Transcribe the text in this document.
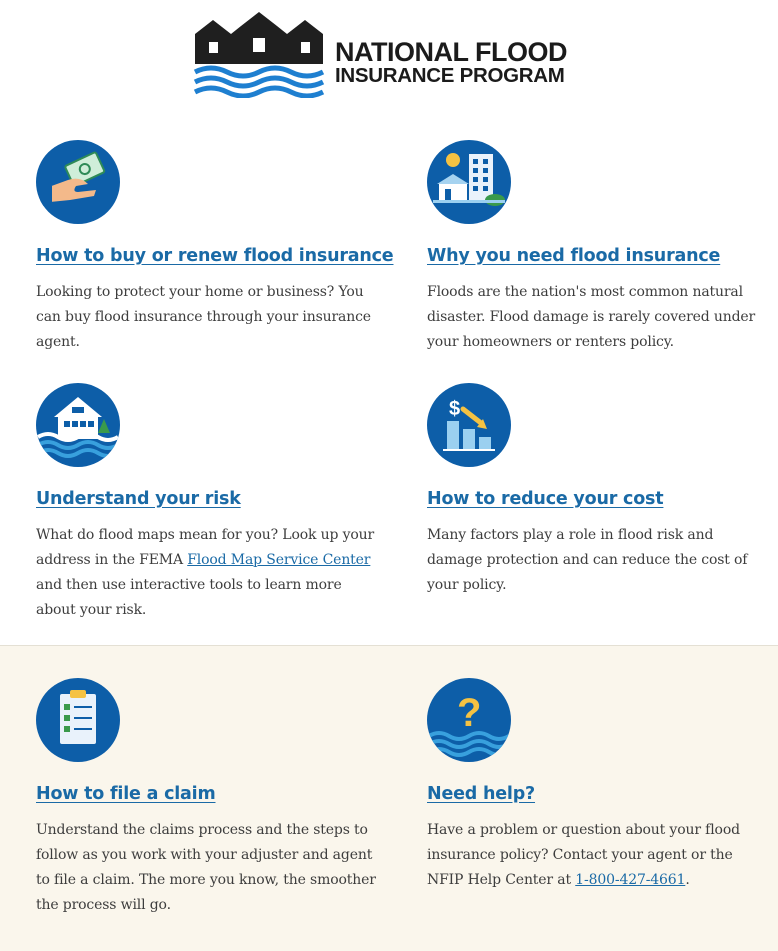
NATIONAL FLOOD
INSURANCE PROGRAM
How to buy or renew flood insurance
Looking to protect your home or business? You can buy flood insurance through your insurance agent.
Why you need flood insurance
Floods are the nation's most common natural disaster. Flood damage is rarely covered under your homeowners or renters policy.
Understand your risk
What do flood maps mean for you? Look up your address in the FEMA Flood Map Service Center and then use interactive tools to learn more about your risk.
$
How to reduce your cost
Many factors play a role in flood risk and damage protection and can reduce the cost of your policy.
How to file a claim
Understand the claims process and the steps to follow as you work with your adjuster and agent to file a claim. The more you know, the smoother the process will go.
?
Need help?
Have a problem or question about your flood insurance policy? Contact your agent or the NFIP Help Center at 1-800-427-4661.
